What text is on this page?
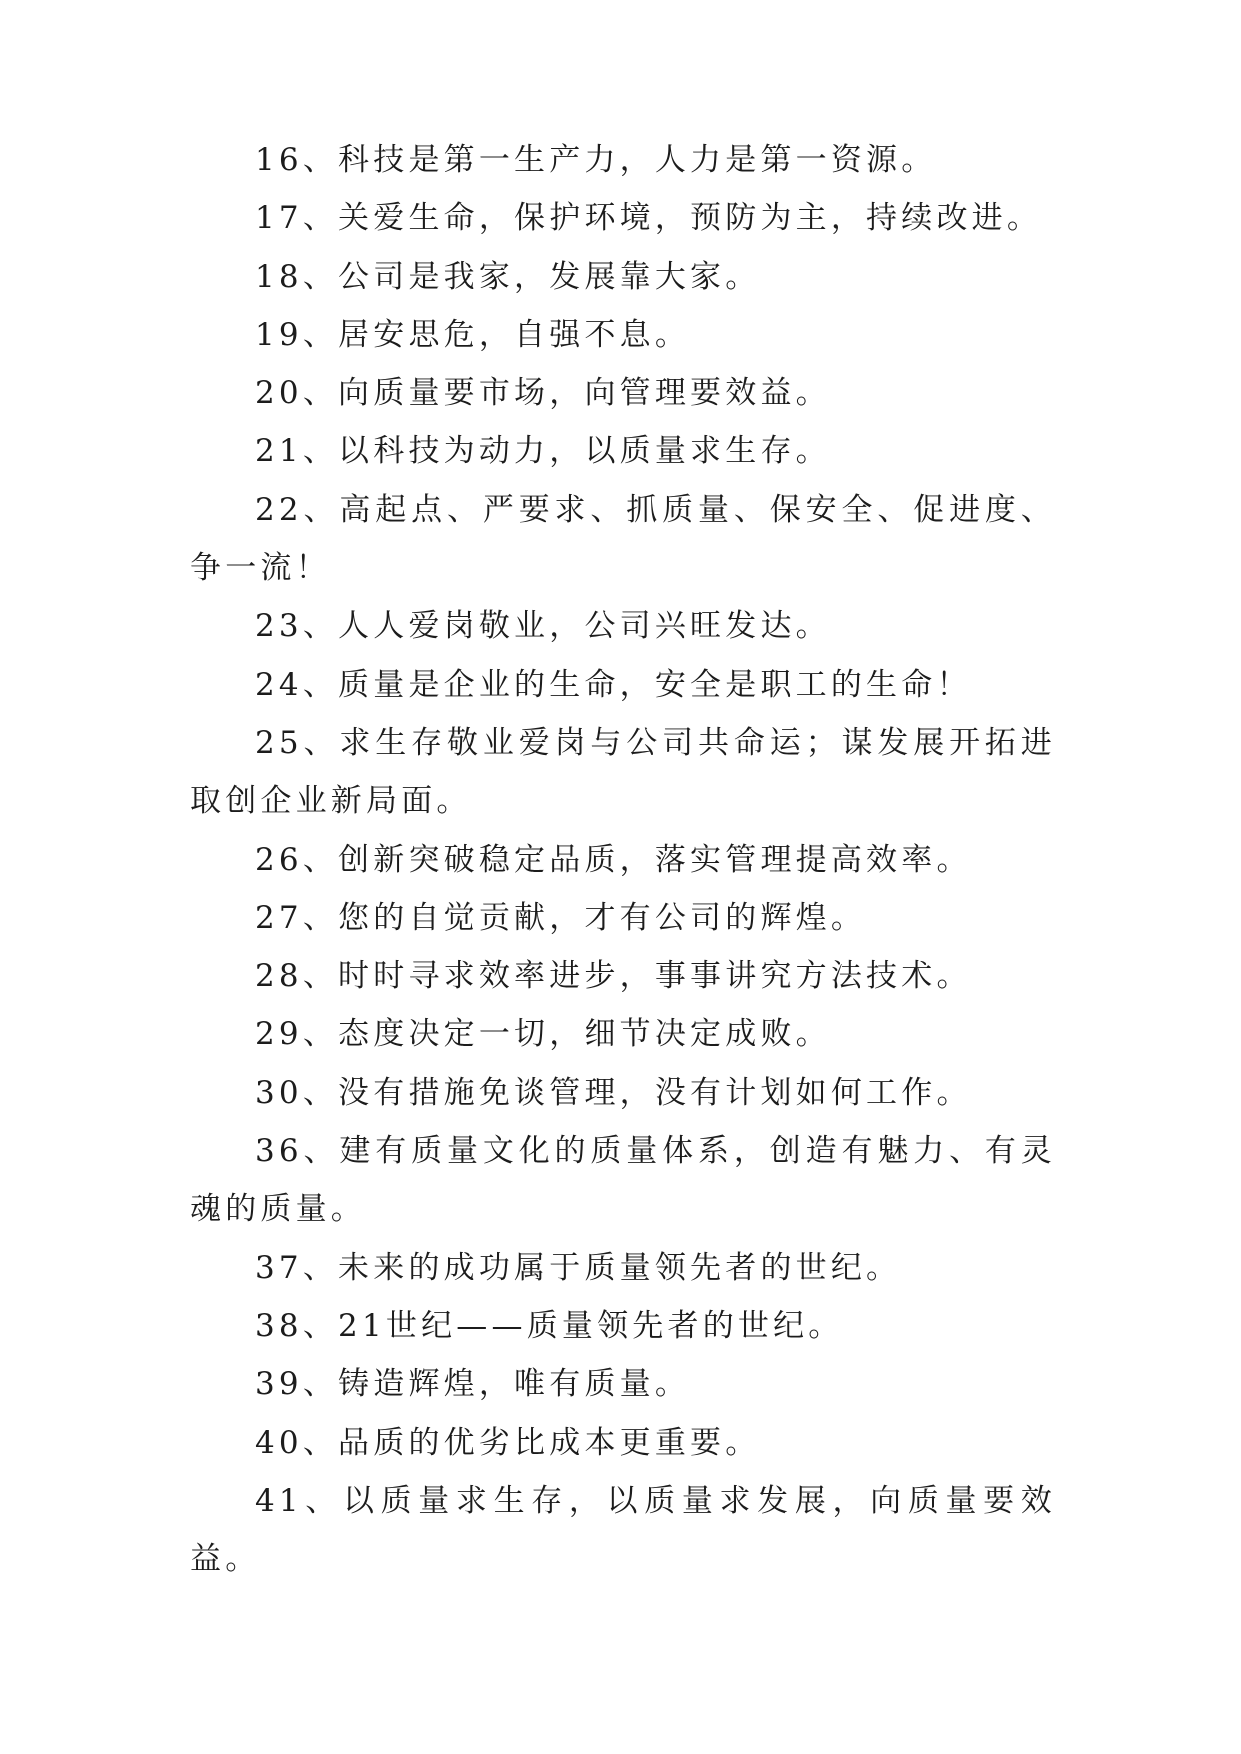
16、科技是第一生产力，人力是第一资源。

17、关爱生命，保护环境，预防为主，持续改进。

18、公司是我家，发展靠大家。

19、居安思危，自强不息。

20、向质量要市场，向管理要效益。

21、以科技为动力，以质量求生存。

22、高起点、严要求、抓质量、保安全、促进度、争一流！

23、人人爱岗敬业，公司兴旺发达。

24、质量是企业的生命，安全是职工的生命！

25、求生存敬业爱岗与公司共命运；谋发展开拓进取创企业新局面。

26、创新突破稳定品质，落实管理提高效率。

27、您的自觉贡献，才有公司的辉煌。

28、时时寻求效率进步，事事讲究方法技术。

29、态度决定一切，细节决定成败。

30、没有措施免谈管理，没有计划如何工作。

36、建有质量文化的质量体系，创造有魅力、有灵魂的质量。

37、未来的成功属于质量领先者的世纪。

38、21世纪——质量领先者的世纪。

39、铸造辉煌，唯有质量。

40、品质的优劣比成本更重要。

41、以质量求生存，以质量求发展，向质量要效益。
